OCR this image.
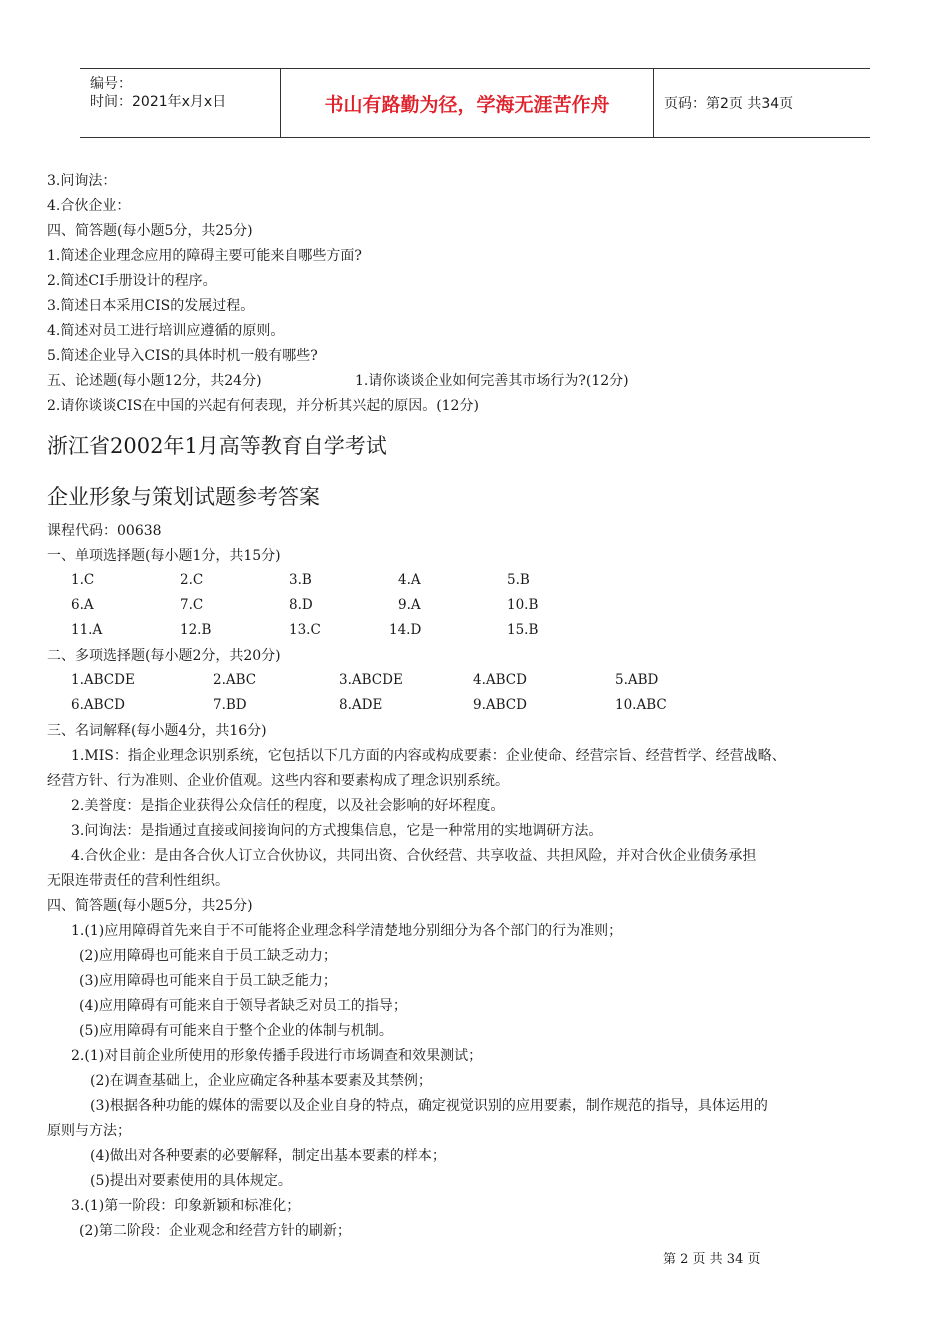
编号：
时间：2021年x月x日	书山有路勤为径，学海无涯苦作舟	页码：第2页 共34页
3.问询法：
4.合伙企业：
四、简答题(每小题5分，共25分)
1.简述企业理念应用的障碍主要可能来自哪些方面?
2.简述CI手册设计的程序。
3.简述日本采用CIS的发展过程。
4.简述对员工进行培训应遵循的原则。
5.简述企业导入CIS的具体时机一般有哪些?
五、论述题(每小题12分，共24分)	1.请你谈谈企业如何完善其市场行为?(12分)
2.请你谈谈CIS在中国的兴起有何表现，并分析其兴起的原因。(12分)
浙江省2002年1月高等教育自学考试
企业形象与策划试题参考答案
课程代码：00638
一、单项选择题(每小题1分，共15分)
1.C	2.C	3.B	4.A	5.B
6.A	7.C	8.D	9.A	10.B
11.A	12.B	13.C	14.D	15.B
二、多项选择题(每小题2分，共20分)
1.ABCDE	2.ABC	3.ABCDE	4.ABCD	5.ABD
6.ABCD	7.BD	8.ADE	9.ABCD	10.ABC
三、名词解释(每小题4分，共16分)
1.MIS：指企业理念识别系统，它包括以下几方面的内容或构成要素：企业使命、经营宗旨、经营哲学、经营战略、
经营方针、行为准则、企业价值观。这些内容和要素构成了理念识别系统。
2.美誉度：是指企业获得公众信任的程度，以及社会影响的好坏程度。
3.问询法：是指通过直接或间接询问的方式搜集信息，它是一种常用的实地调研方法。
4.合伙企业：是由各合伙人订立合伙协议，共同出资、合伙经营、共享收益、共担风险，并对合伙企业债务承担
无限连带责任的营利性组织。
四、简答题(每小题5分，共25分)
1.(1)应用障碍首先来自于不可能将企业理念科学清楚地分别细分为各个部门的行为准则；
(2)应用障碍也可能来自于员工缺乏动力；
(3)应用障碍也可能来自于员工缺乏能力；
(4)应用障碍有可能来自于领导者缺乏对员工的指导；
(5)应用障碍有可能来自于整个企业的体制与机制。
2.(1)对目前企业所使用的形象传播手段进行市场调查和效果测试；
(2)在调查基础上，企业应确定各种基本要素及其禁例；
(3)根据各种功能的媒体的需要以及企业自身的特点，确定视觉识别的应用要素，制作规范的指导，具体运用的
原则与方法；
(4)做出对各种要素的必要解释，制定出基本要素的样本；
(5)提出对要素使用的具体规定。
3.(1)第一阶段：印象新颖和标准化；
(2)第二阶段：企业观念和经营方针的刷新；
第 2 页 共 34 页
